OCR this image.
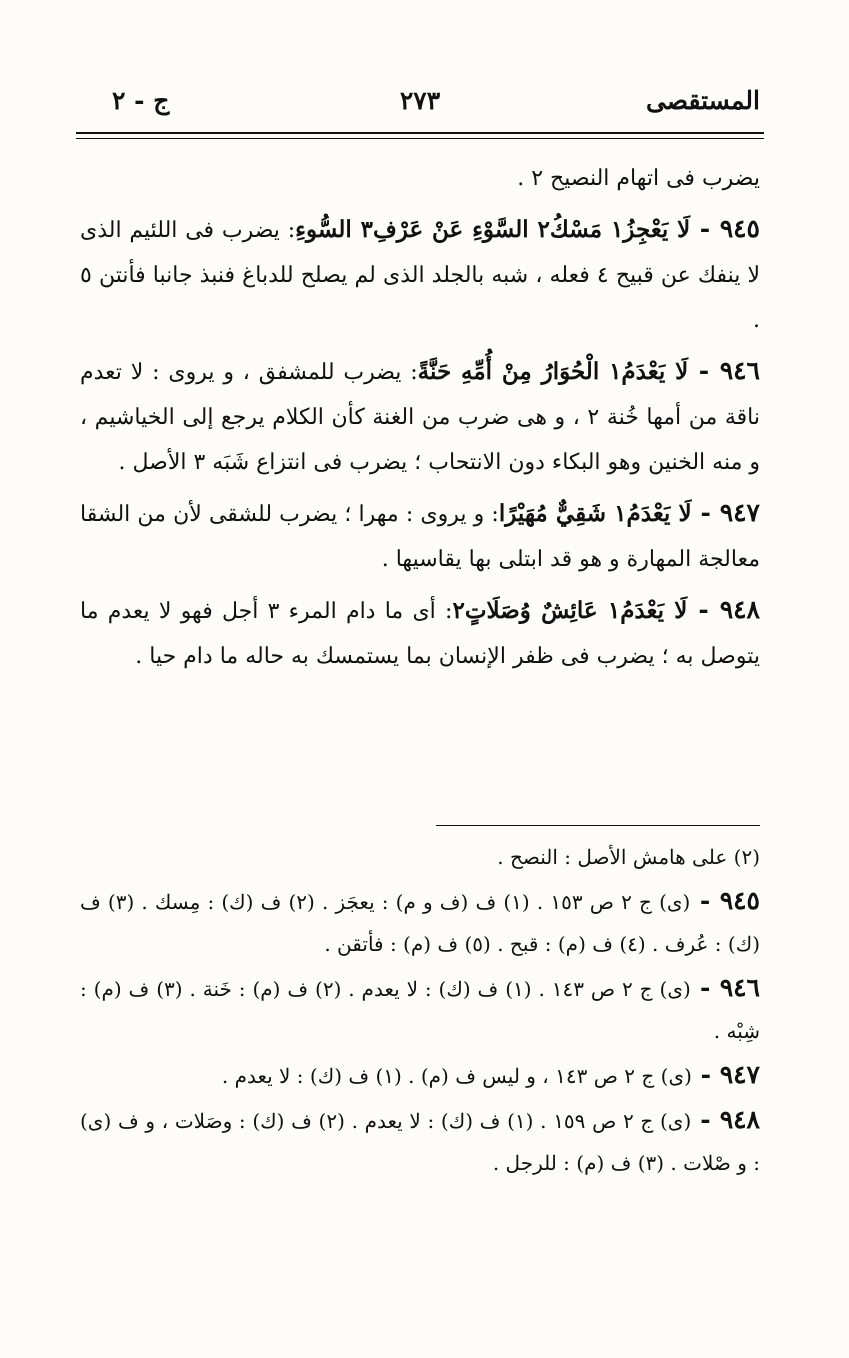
المستقصى
٢٧٣
ج - ٢

يضرب فى اتهام النصيح ٢ .

٩٤٥ - لَا يَعْجِزُ١ مَسْكُ٢ السَّوْءِ عَنْ عَرْفِ٣ السُّوءِ: يضرب فى اللئيم الذى لا ينفك عن قبيح ٤ فعله ، شبه بالجلد الذى لم يصلح للدباغ فنبذ جانبا فأنتن ٥ .

٩٤٦ - لَا يَعْدَمُ١ الْحُوَارُ مِنْ أُمِّهِ حَنَّةً: يضرب للمشفق ، و يروى : لا تعدم ناقة من أمها خُنة ٢ ، و هى ضرب من الغنة كأن الكلام يرجع إلى الخياشيم ، و منه الخنين وهو البكاء دون الانتحاب ؛ يضرب فى انتزاع شَبَه ٣ الأصل .

٩٤٧ - لَا يَعْدَمُ١ شَقِيٌّ مُهَيْرًا: و يروى : مهرا ؛ يضرب للشقى لأن من الشقا معالجة المهارة و هو قد ابتلى بها يقاسيها .

٩٤٨ - لَا يَعْدَمُ١ عَائِشٌ وُصَلَاتٍ٢: أى ما دام المرء ٣ أجل فهو لا يعدم ما يتوصل به ؛ يضرب فى ظفر الإنسان بما يستمسك به حاله ما دام حيا .

(٢) على هامش الأصل : النصح .

٩٤٥ - (ى) ج ٢ ص ١٥٣ . (١) ف (ف و م) : يعجَز . (٢) ف (ك) : مِسك . (٣) ف (ك) : عُرف . (٤) ف (م) : قبح . (٥) ف (م) : فأتقن .

٩٤٦ - (ى) ج ٢ ص ١٤٣ . (١) ف (ك) : لا يعدم . (٢) ف (م) : خَنة . (٣) ف (م) : شِبْه .

٩٤٧ - (ى) ج ٢ ص ١٤٣ ، و ليس ف (م) . (١) ف (ك) : لا يعدم .

٩٤٨ - (ى) ج ٢ ص ١٥٩ . (١) ف (ك) : لا يعدم . (٢) ف (ك) : وصَلات ، و ف (ى) : و صْلات . (٣) ف (م) : للرجل .
